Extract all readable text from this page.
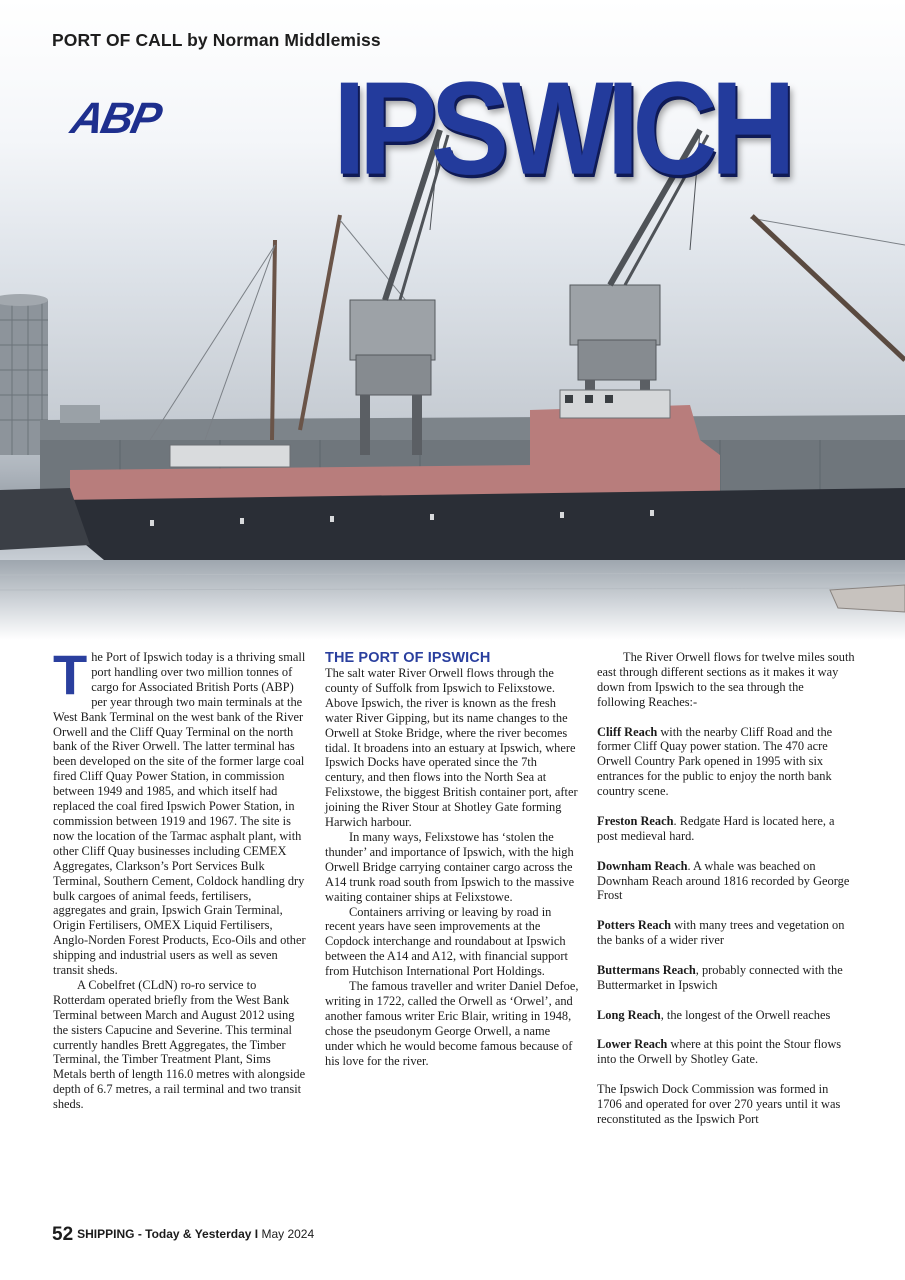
PORT OF CALL by Norman Middlemiss
ABP IPSWICH

The Port of Ipswich today is a thriving small port handling over two million tonnes of cargo for Associated British Ports (ABP) per year through two main terminals at the West Bank Terminal on the west bank of the River Orwell and the Cliff Quay Terminal on the north bank of the River Orwell. The latter terminal has been developed on the site of the former large coal fired Cliff Quay Power Station, in commission between 1949 and 1985, and which itself had replaced the coal fired Ipswich Power Station, in commission between 1919 and 1967. The site is now the location of the Tarmac asphalt plant, with other Cliff Quay businesses including CEMEX Aggregates, Clarkson’s Port Services Bulk Terminal, Southern Cement, Coldock handling dry bulk cargoes of animal feeds, fertilisers, aggregates and grain, Ipswich Grain Terminal, Origin Fertilisers, OMEX Liquid Fertilisers, Anglo-Norden Forest Products, Eco-Oils and other shipping and industrial users as well as seven transit sheds.

A Cobelfret (CLdN) ro-ro service to Rotterdam operated briefly from the West Bank Terminal between March and August 2012 using the sisters Capucine and Severine. This terminal currently handles Brett Aggregates, the Timber Terminal, the Timber Treatment Plant, Sims Metals berth of length 116.0 metres with alongside depth of 6.7 metres, a rail terminal and two transit sheds.

THE PORT OF IPSWICH

The salt water River Orwell flows through the county of Suffolk from Ipswich to Felixstowe. Above Ipswich, the river is known as the fresh water River Gipping, but its name changes to the Orwell at Stoke Bridge, where the river becomes tidal. It broadens into an estuary at Ipswich, where Ipswich Docks have operated since the 7th century, and then flows into the North Sea at Felixstowe, the biggest British container port, after joining the River Stour at Shotley Gate forming Harwich harbour.

In many ways, Felixstowe has ‘stolen the thunder’ and importance of Ipswich, with the high Orwell Bridge carrying container cargo across the A14 trunk road south from Ipswich to the massive waiting container ships at Felixstowe.

Containers arriving or leaving by road in recent years have seen improvements at the Copdock interchange and roundabout at Ipswich between the A14 and A12, with financial support from Hutchison International Port Holdings.

The famous traveller and writer Daniel Defoe, writing in 1722, called the Orwell as ‘Orwel’, and another famous writer Eric Blair, writing in 1948, chose the pseudonym George Orwell, a name under which he would become famous because of his love for the river.

The River Orwell flows for twelve miles south east through different sections as it makes it way down from Ipswich to the sea through the following Reaches:-

Cliff Reach with the nearby Cliff Road and the former Cliff Quay power station. The 470 acre Orwell Country Park opened in 1995 with six entrances for the public to enjoy the north bank country scene.

Freston Reach. Redgate Hard is located here, a post medieval hard.

Downham Reach. A whale was beached on Downham Reach around 1816 recorded by George Frost

Potters Reach with many trees and vegetation on the banks of a wider river

Buttermans Reach, probably connected with the Buttermarket in Ipswich

Long Reach, the longest of the Orwell reaches

Lower Reach where at this point the Stour flows into the Orwell by Shotley Gate.

The Ipswich Dock Commission was formed in 1706 and operated for over 270 years until it was reconstituted as the Ipswich Port

52 SHIPPING - Today & Yesterday I May 2024
